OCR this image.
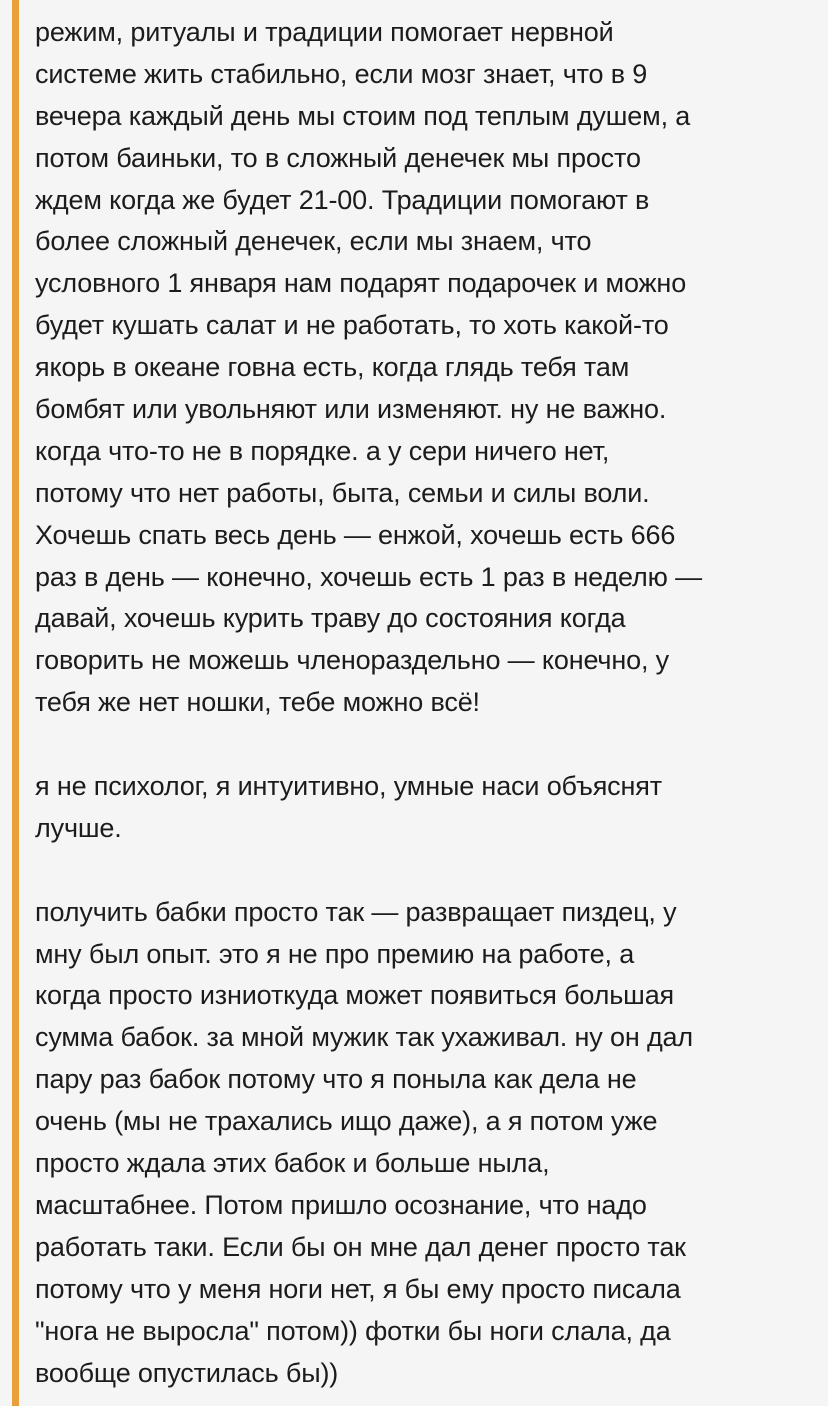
режим, ритуалы и традиции помогает нервной
системе жить стабильно, если мозг знает, что в 9
вечера каждый день мы стоим под теплым душем, а
потом баиньки, то в сложный денечек мы просто
ждем когда же будет 21-00. Традиции помогают в
более сложный денечек, если мы знаем, что
условного 1 января нам подарят подарочек и можно
будет кушать салат и не работать, то хоть какой-то
якорь в океане говна есть, когда глядь тебя там
бомбят или увольняют или изменяют. ну не важно.
когда что-то не в порядке. а у сери ничего нет,
потому что нет работы, быта, семьи и силы воли.
Хочешь спать весь день — енжой, хочешь есть 666
раз в день — конечно, хочешь есть 1 раз в неделю —
давай, хочешь курить траву до состояния когда
говорить не можешь членораздельно — конечно, у
тебя же нет ношки, тебе можно всё!
я не психолог, я интуитивно, умные наси объяснят
лучше.
получить бабки просто так — развращает пиздец, у
мну был опыт. это я не про премию на работе, а
когда просто изниоткуда может появиться большая
сумма бабок. за мной мужик так ухаживал. ну он дал
пару раз бабок потому что я поныла как дела не
очень (мы не трахались ищо даже), а я потом уже
просто ждала этих бабок и больше ныла,
масштабнее. Потом пришло осознание, что надо
работать таки. Если бы он мне дал денег просто так
потому что у меня ноги нет, я бы ему просто писала
"нога не выросла" потом)) фотки бы ноги слала, да
вообще опустилась бы))
